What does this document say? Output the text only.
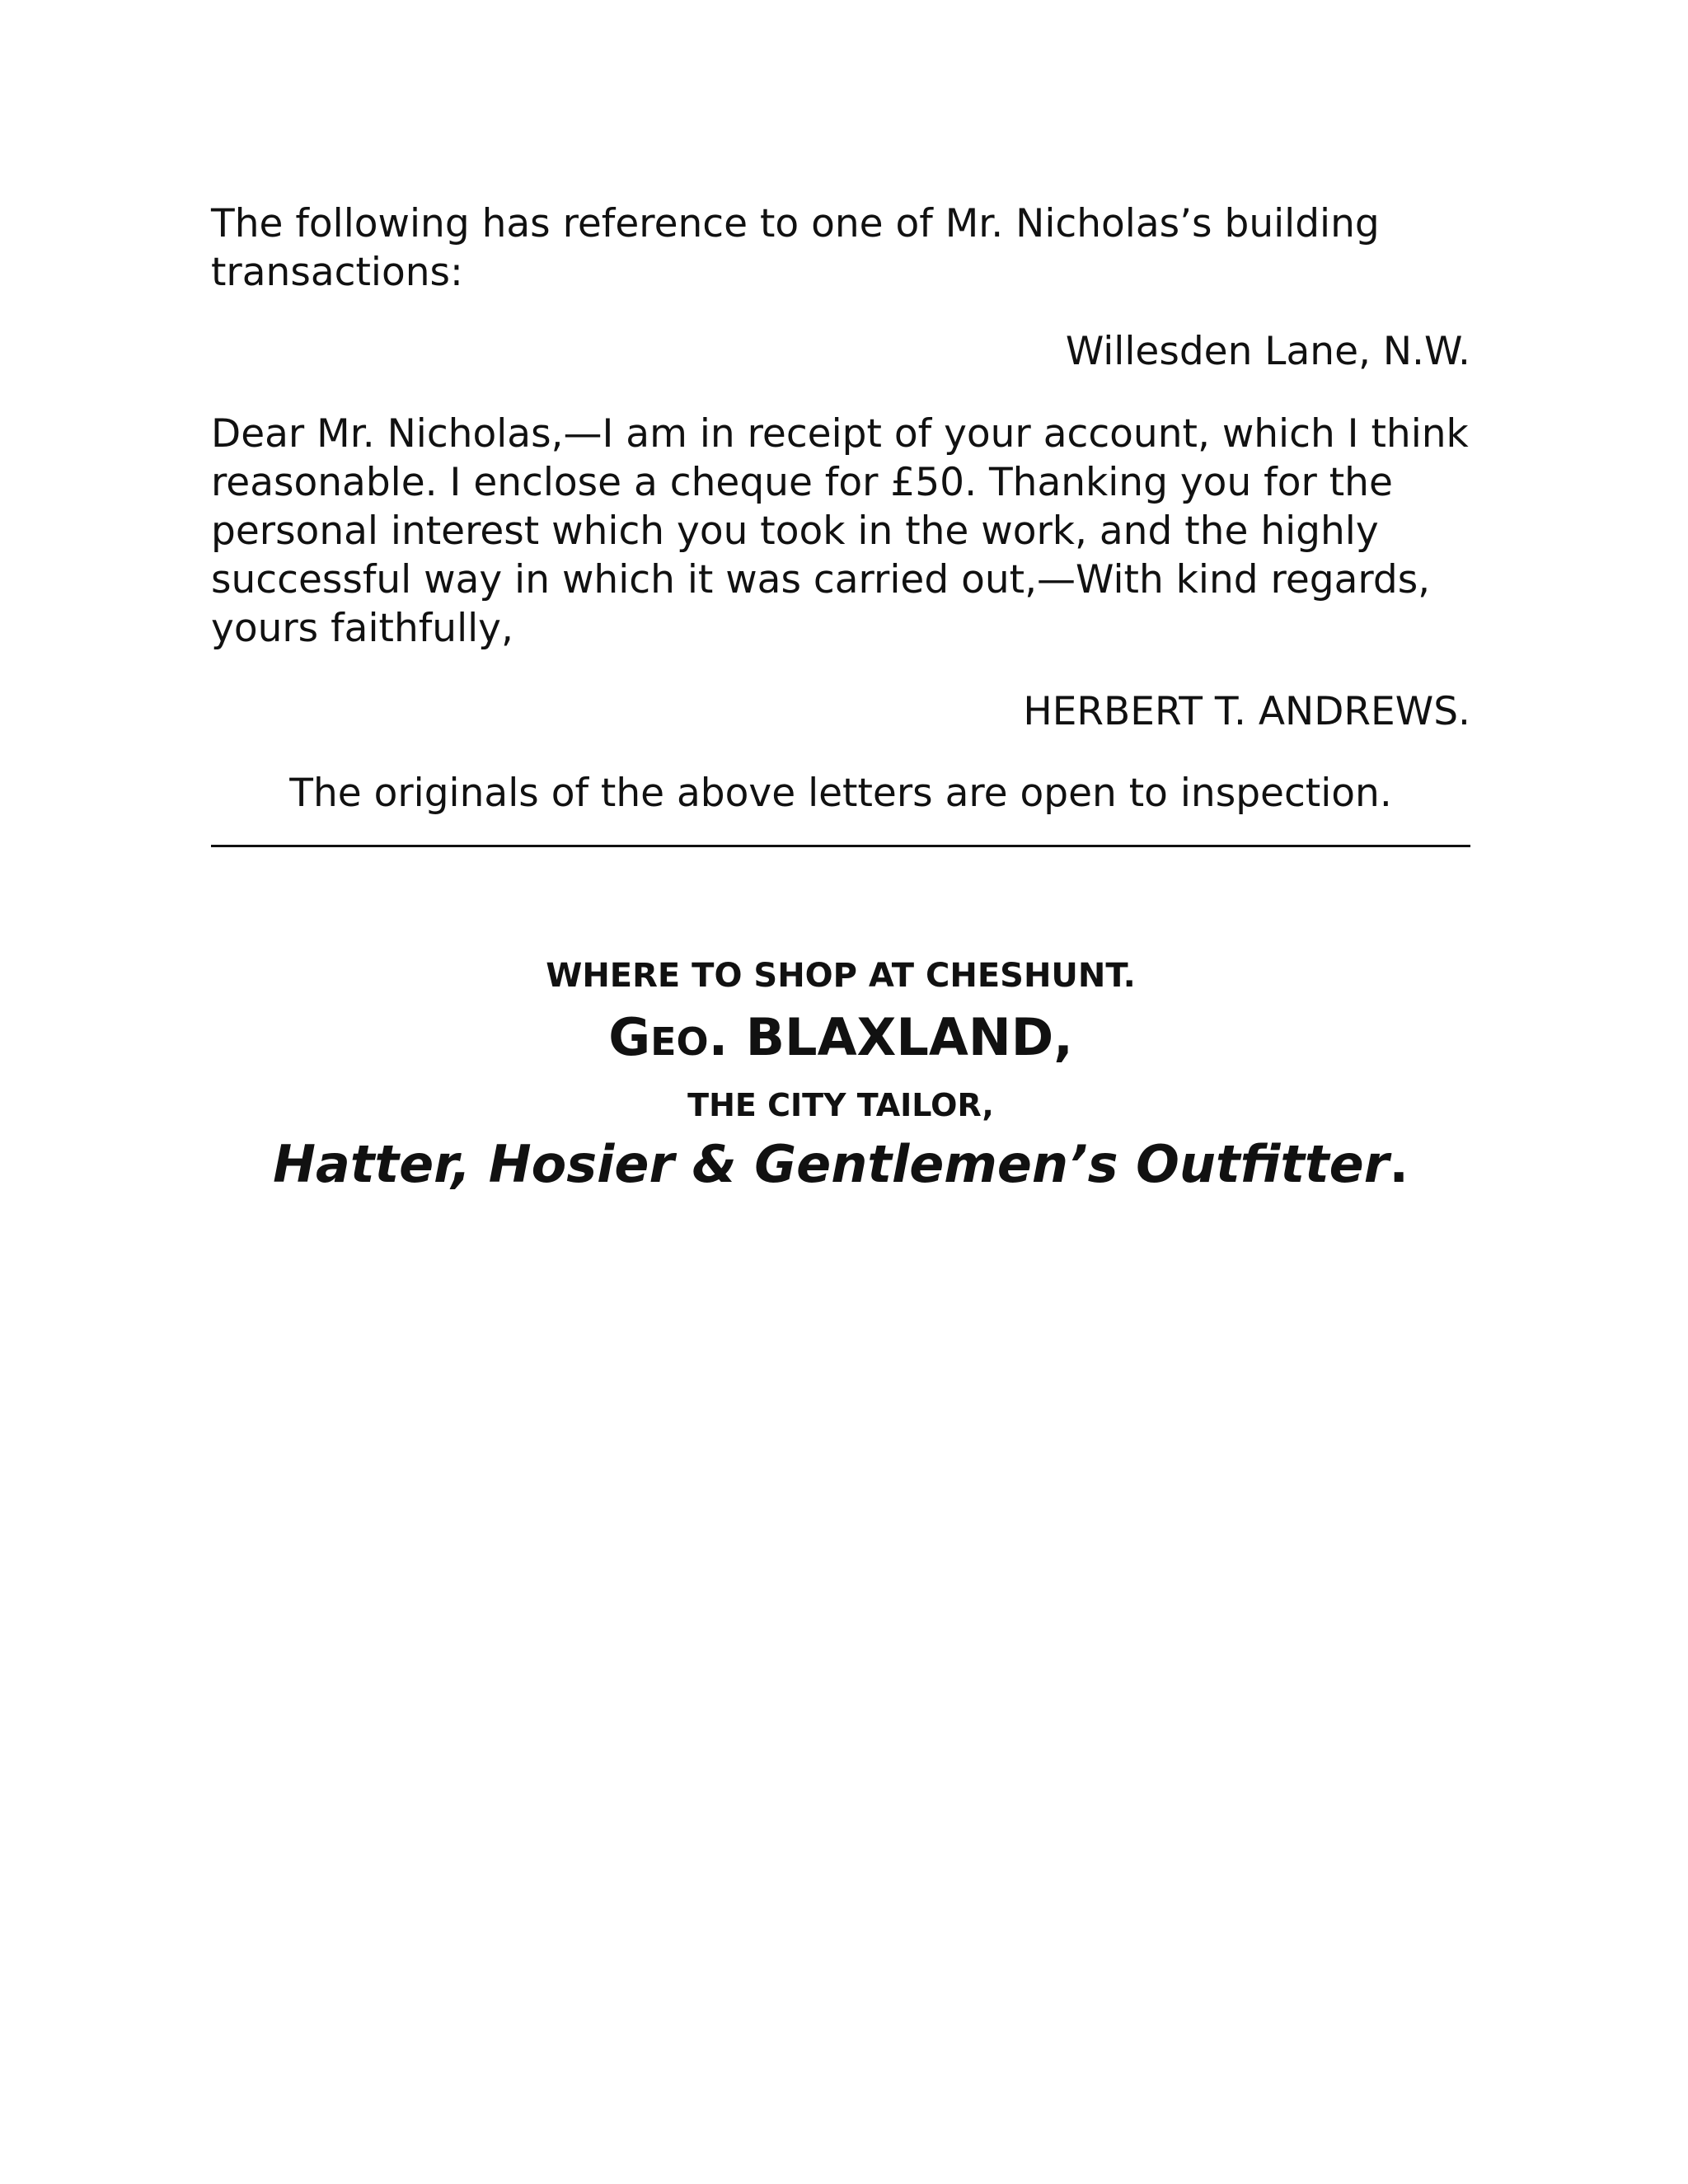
The following has reference to one of Mr. Nicholas’s building transactions:

Willesden Lane, N.W.

Dear Mr. Nicholas,—I am in receipt of your account, which I think reasonable. I enclose a cheque for £50. Thanking you for the personal interest which you took in the work, and the highly successful way in which it was carried out,—With kind regards, yours faithfully,

HERBERT T. ANDREWS.

The originals of the above letters are open to inspection.

WHERE TO SHOP AT CHESHUNT.

GEO. BLAXLAND,

THE CITY TAILOR,

Hatter, Hosier & Gentlemen’s Outfitter.
